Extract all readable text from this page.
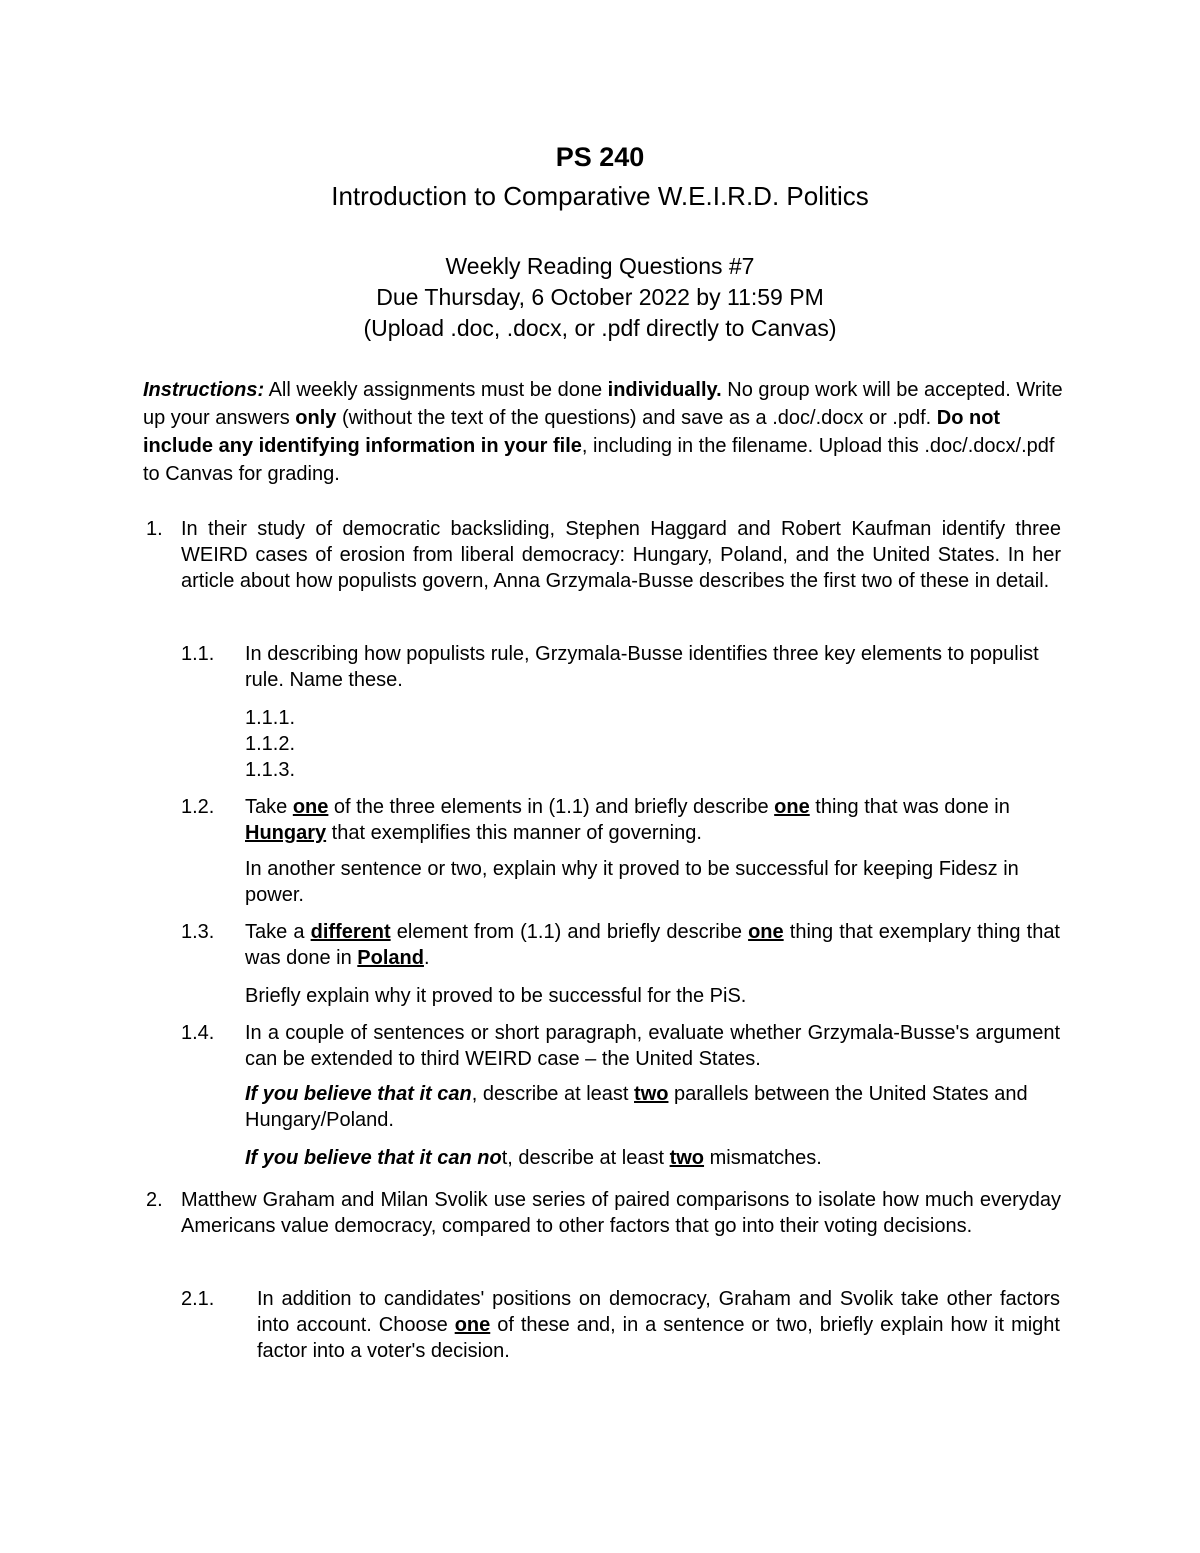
PS 240
Introduction to Comparative W.E.I.R.D. Politics
Weekly Reading Questions #7
Due Thursday, 6 October 2022 by 11:59 PM
(Upload .doc, .docx, or .pdf directly to Canvas)
Instructions: All weekly assignments must be done individually. No group work will be accepted. Write up your answers only (without the text of the questions) and save as a .doc/.docx or .pdf. Do not include any identifying information in your file, including in the filename. Upload this .doc/.docx/.pdf to Canvas for grading.
1. In their study of democratic backsliding, Stephen Haggard and Robert Kaufman identify three WEIRD cases of erosion from liberal democracy: Hungary, Poland, and the United States. In her article about how populists govern, Anna Grzymala-Busse describes the first two of these in detail.
1.1. In describing how populists rule, Grzymala-Busse identifies three key elements to populist rule. Name these.
1.1.1.
1.1.2.
1.1.3.
1.2. Take one of the three elements in (1.1) and briefly describe one thing that was done in Hungary that exemplifies this manner of governing.
In another sentence or two, explain why it proved to be successful for keeping Fidesz in power.
1.3. Take a different element from (1.1) and briefly describe one thing that exemplary thing that was done in Poland.
Briefly explain why it proved to be successful for the PiS.
1.4. In a couple of sentences or short paragraph, evaluate whether Grzymala-Busse's argument can be extended to third WEIRD case – the United States.
If you believe that it can, describe at least two parallels between the United States and Hungary/Poland.
If you believe that it can not, describe at least two mismatches.
2. Matthew Graham and Milan Svolik use series of paired comparisons to isolate how much everyday Americans value democracy, compared to other factors that go into their voting decisions.
2.1. In addition to candidates' positions on democracy, Graham and Svolik take other factors into account. Choose one of these and, in a sentence or two, briefly explain how it might factor into a voter's decision.
